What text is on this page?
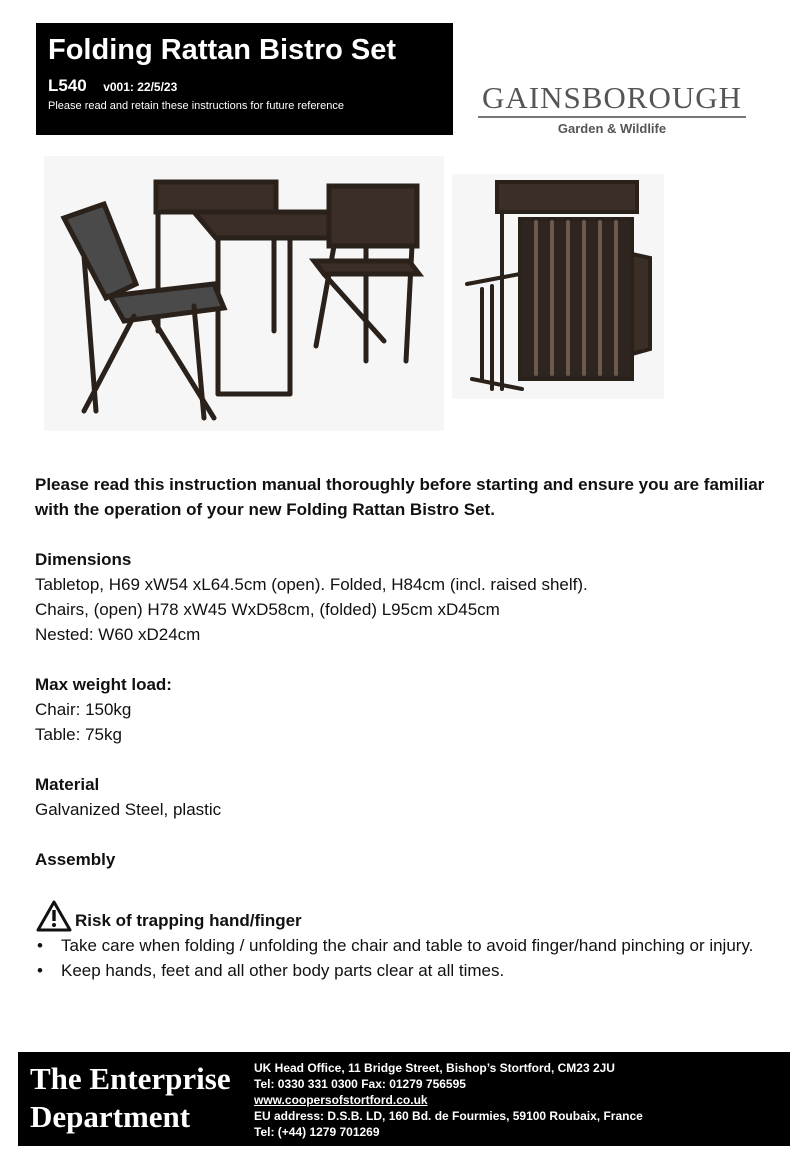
Folding Rattan Bistro Set
L540 v001: 22/5/23
Please read and retain these instructions for future reference	GAINSBOROUGH
Garden & Wildlife

Please read this instruction manual thoroughly before starting and ensure you are familiar with the operation of your new Folding Rattan Bistro Set.

Dimensions

Tabletop, H69 xW54 xL64.5cm (open). Folded, H84cm (incl. raised shelf).

Chairs, (open) H78 xW45 WxD58cm, (folded) L95cm xD45cm

Nested: W60 xD24cm

Max weight load:

Chair: 150kg

Table: 75kg

Material

Galvanized Steel, plastic

Assembly

Risk of trapping hand/finger
• Take care when folding / unfolding the chair and table to avoid finger/hand pinching or injury.
• Keep hands, feet and all other body parts clear at all times.
The Enterprise Department
UK Head Office, 11 Bridge Street, Bishop’s Stortford, CM23 2JU
Tel: 0330 331 0300 Fax: 01279 756595
www.coopersofstortford.co.uk
EU address: D.S.B. LD, 160 Bd. de Fourmies, 59100 Roubaix, France
Tel: (+44) 1279 701269
